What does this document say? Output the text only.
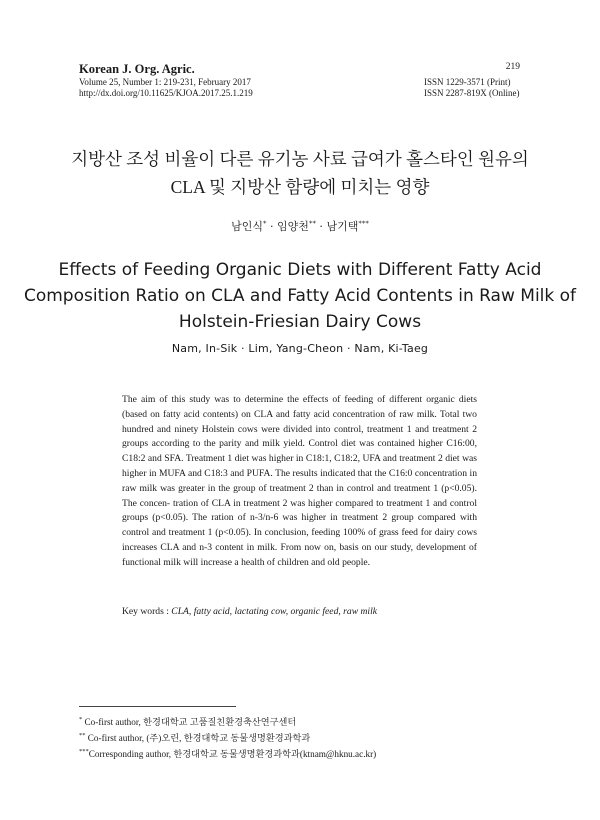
Korean J. Org. Agric.
Volume 25, Number 1: 219-231, February 2017
http://dx.doi.org/10.11625/KJOA.2017.25.1.219
219
ISSN 1229-3571 (Print)
ISSN 2287-819X (Online)
지방산 조성 비율이 다른 유기농 사료 급여가 홀스타인 원유의
CLA 및 지방산 함량에 미치는 영향
남인식* · 임양천** · 남기택***
Effects of Feeding Organic Diets with Different Fatty Acid
Composition Ratio on CLA and Fatty Acid Contents in Raw Milk of
Holstein-Friesian Dairy Cows
Nam, In-Sik · Lim, Yang-Cheon · Nam, Ki-Taeg

The aim of this study was to determine the effects of feeding of different organic diets (based on fatty acid contents) on CLA and fatty acid concentration of raw milk. Total two hundred and ninety Holstein cows were divided into control, treatment 1 and treatment 2 groups according to the parity and milk yield. Control diet was contained higher C16:00, C18:2 and SFA. Treatment 1 diet was higher in C18:1, C18:2, UFA and treatment 2 diet was higher in MUFA and C18:3 and PUFA. The results indicated that the C16:0 concentration in raw milk was greater in the group of treatment 2 than in control and treatment 1 (p<0.05). The concen- tration of CLA in treatment 2 was higher compared to treatment 1 and control groups (p<0.05). The ration of n-3/n-6 was higher in treatment 2 group compared with control and treatment 1 (p<0.05). In conclusion, feeding 100% of grass feed for dairy cows increases CLA and n-3 content in milk. From now on, basis on our study, development of functional milk will increase a health of children and old people.

Key words : CLA, fatty acid, lactating cow, organic feed, raw milk
* Co-first author, 한경대학교 고품질친환경축산연구센터
** Co-first author, (주)오린, 한경대학교 동물생명환경과학과
***Corresponding author, 한경대학교 동물생명환경과학과(ktnam@hknu.ac.kr)
